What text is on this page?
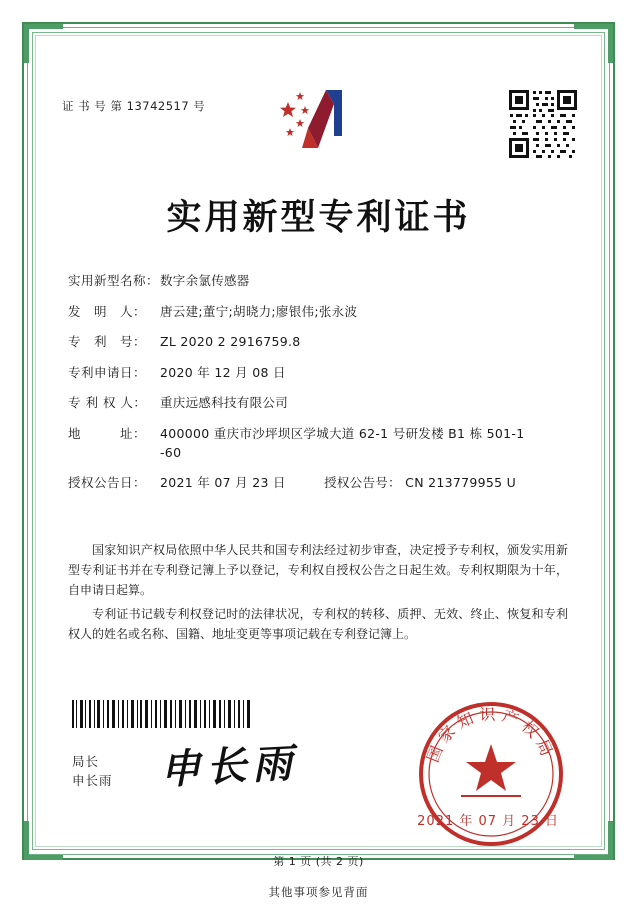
证 书 号 第 13742517 号
实用新型专利证书
实用新型名称： 数字余氯传感器
发　明　人：	唐云建;董宁;胡晓力;廖银伟;张永波
专　利　号：	ZL 2020 2 2916759.8
专利申请日：	2020 年 12 月 08 日
专 利 权 人：	重庆远感科技有限公司
地　　　址：	400000 重庆市沙坪坝区学城大道 62-1 号研发楼 B1 栋 501-1
-60
授权公告日：	2021 年 07 月 23 日	授权公告号： CN 213779955 U

国家知识产权局依照中华人民共和国专利法经过初步审查，决定授予专利权，颁发实用新型专利证书并在专利登记簿上予以登记，专利权自授权公告之日起生效。专利权期限为十年，自申请日起算。

专利证书记载专利权登记时的法律状况，专利权的转移、质押、无效、终止、恢复和专利权人的姓名或名称、国籍、地址变更等事项记载在专利登记簿上。

局长
申长雨 申长雨	国家知识产权局
2021 年 07 月 23 日
第 1 页 (共 2 页)
其他事项参见背面
